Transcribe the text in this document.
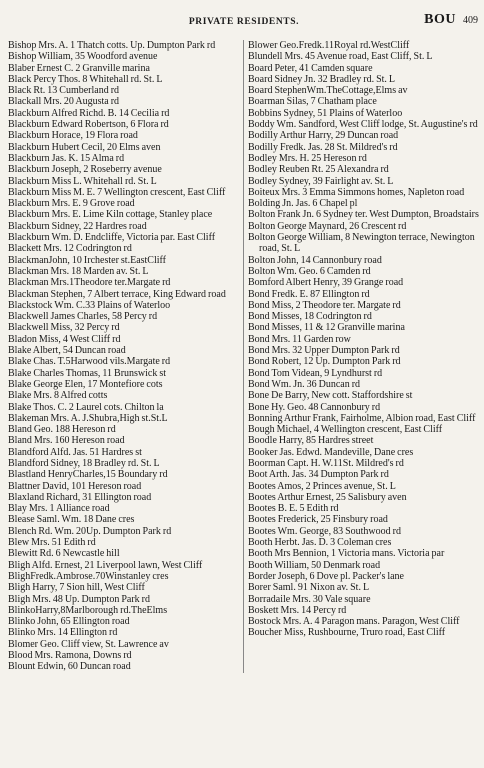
PRIVATE RESIDENTS.	BOU 409
Bishop Mrs. A. 1 Thatch cotts. Up. Dumpton Park rd
Bishop William, 35 Woodford avenue
Blaber Ernest C. 2 Granville marina
Black Percy Thos. 8 Whitehall rd. St. L
Black Rt. 13 Cumberland rd
Blackall Mrs. 20 Augusta rd
Blackburn Alfred Richd. B. 14 Cecilia rd
Blackburn Edward Robertson, 6 Flora rd
Blackburn Horace, 19 Flora road
Blackburn Hubert Cecil, 20 Elms aven
Blackburn Jas. K. 15 Alma rd
Blackburn Joseph, 2 Roseberry avenue
Blackburn Miss L. Whitehall rd. St. L
Blackburn Miss M. E. 7 Wellington crescent, East Cliff
Blackburn Mrs. E. 9 Grove road
Blackburn Mrs. E. Lime Kiln cottage, Stanley place
Blackburn Sidney, 22 Hardres road
Blackburn Wm. D. Endcliffe, Victoria par. East Cliff
Blackett Mrs. 12 Codrington rd
BlackmanJohn, 10 Irchester st.EastCliff
Blackman Mrs. 18 Marden av. St. L
Blackman Mrs.1Theodore ter.Margate rd
Blackman Stephen, 7 Albert terrace, King Edward road
Blackstock Wm. C.33 Plains of Waterloo
Blackwell James Charles, 58 Percy rd
Blackwell Miss, 32 Percy rd
Bladon Miss, 4 West Cliff rd
Blake Albert, 54 Duncan road
Blake Chas. T.5Harwood vils.Margate rd
Blake Charles Thomas, 11 Brunswick st
Blake George Elen, 17 Montefiore cots
Blake Mrs. 8 Alfred cotts
Blake Thos. C. 2 Laurel cots. Chilton la
Blakeman Mrs. A. J.Shubra,High st.St.L
Bland Geo. 188 Hereson rd
Bland Mrs. 160 Hereson road
Blandford Alfd. Jas. 51 Hardres st
Blandford Sidney, 18 Bradley rd. St. L
Blastland HenryCharles,15 Boundary rd
Blattner David, 101 Hereson road
Blaxland Richard, 31 Ellington road
Blay Mrs. 1 Alliance road
Blease Saml. Wm. 18 Dane cres
Blench Rd. Wm. 20Up. Dumpton Park rd
Blew Mrs. 51 Edith rd
Blewitt Rd. 6 Newcastle hill
Bligh Alfd. Ernest, 21 Liverpool lawn, West Cliff
BlighFredk.Ambrose.70Winstanley cres
Bligh Harry, 7 Sion hill, West Cliff
Bligh Mrs. 48 Up. Dumpton Park rd
BlinkoHarry,8Marlborough rd.TheElms
Blinko John, 65 Ellington road
Blinko Mrs. 14 Ellington rd
Blomer Geo. Cliff view, St. Lawrence av
Blood Mrs. Ramona, Downs rd
Blount Edwin, 60 Duncan road
Blower Geo.Fredk.11Royal rd.WestCliff
Blundell Mrs. 45 Avenue road, East Cliff, St. L
Board Peter, 41 Camden square
Board Sidney Jn. 32 Bradley rd. St. L
Board StephenWm.TheCottage,Elms av
Boarman Silas, 7 Chatham place
Bobbins Sydney, 51 Plains of Waterloo
Boddy Wm. Sandford, West Cliff lodge, St. Augustine's rd
Bodilly Arthur Harry, 29 Duncan road
Bodilly Fredk. Jas. 28 St. Mildred's rd
Bodley Mrs. H. 25 Hereson rd
Bodley Reuben Rt. 25 Alexandra rd
Bodley Sydney, 39 Fairlight av. St. L
Boiteux Mrs. 3 Emma Simmons homes, Napleton road
Bolding Jn. Jas. 6 Chapel pl
Bolton Frank Jn. 6 Sydney ter. West Dumpton, Broadstairs
Bolton George Maynard, 26 Crescent rd
Bolton George William, 8 Newington terrace, Newington road, St. L
Bolton John, 14 Cannonbury road
Bolton Wm. Geo. 6 Camden rd
Bomford Albert Henry, 39 Grange road
Bond Fredk. E. 87 Ellington rd
Bond Miss, 2 Theodore ter. Margate rd
Bond Misses, 18 Codrington rd
Bond Misses, 11 & 12 Granville marina
Bond Mrs. 11 Garden row
Bond Mrs. 32 Upper Dumpton Park rd
Bond Robert, 12 Up. Dumpton Park rd
Bond Tom Videan, 9 Lyndhurst rd
Bond Wm. Jn. 36 Duncan rd
Bone De Barry, New cott. Staffordshire st
Bone Hy. Geo. 48 Cannonbury rd
Bonning Arthur Frank, Fairholme, Albion road, East Cliff
Bough Michael, 4 Wellington crescent, East Cliff
Boodle Harry, 85 Hardres street
Booker Jas. Edwd. Mandeville, Dane cres
Boorman Capt. H. W.11St. Mildred's rd
Boot Arth. Jas. 34 Dumpton Park rd
Bootes Amos, 2 Princes avenue, St. L
Bootes Arthur Ernest, 25 Salisbury aven
Bootes B. E. 5 Edith rd
Bootes Frederick, 25 Finsbury road
Bootes Wm. George, 83 Southwood rd
Booth Herbt. Jas. D. 3 Coleman cres
Booth Mrs Bennion, 1 Victoria mans. Victoria par
Booth William, 50 Denmark road
Border Joseph, 6 Dove pl. Packer's lane
Borer Saml. 91 Nixon av. St. L
Borradaile Mrs. 30 Vale square
Boskett Mrs. 14 Percy rd
Bostock Mrs. A. 4 Paragon mans. Paragon, West Cliff
Boucher Miss, Rushbourne, Truro road, East Cliff
